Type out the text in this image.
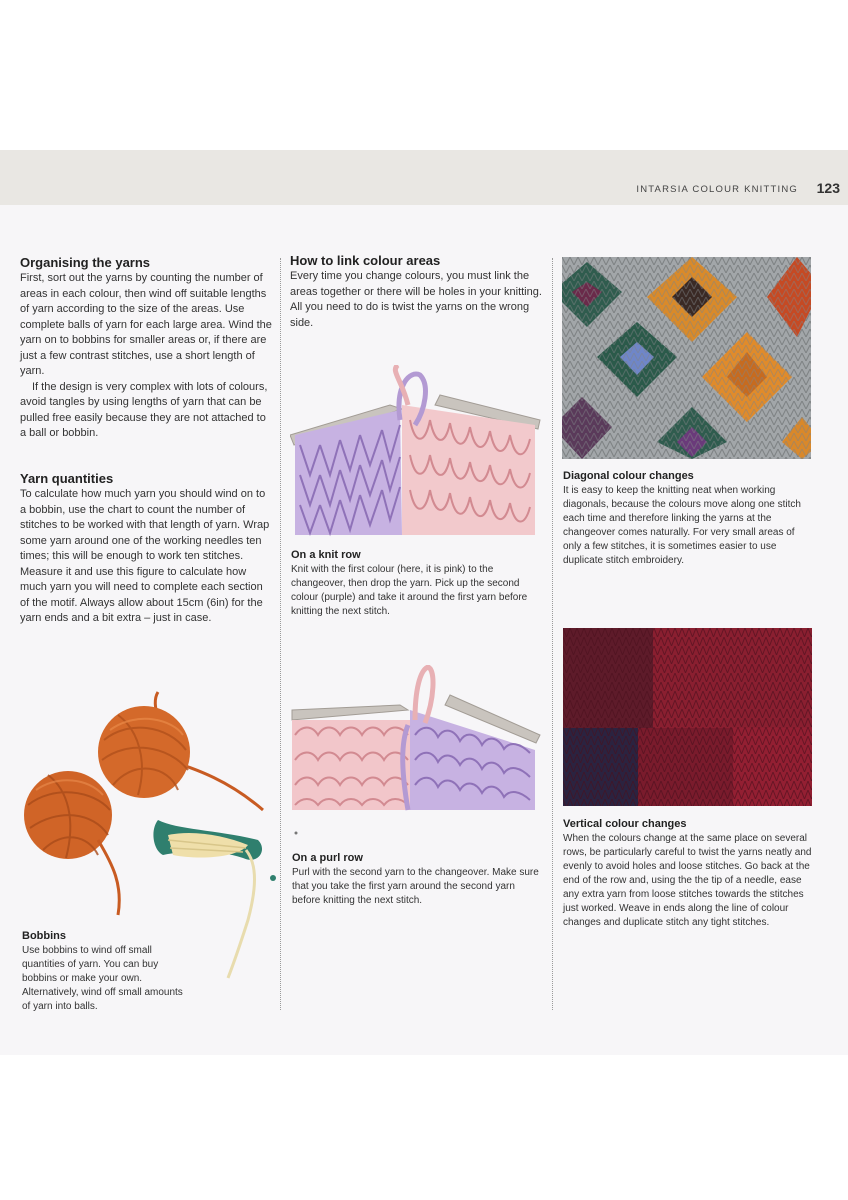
INTARSIA COLOUR KNITTING 123
Organising the yarns

First, sort out the yarns by counting the number of areas in each colour, then wind off suitable lengths of yarn according to the size of the areas. Use complete balls of yarn for each large area. Wind the yarn on to bobbins for smaller areas or, if there are just a few contrast stitches, use a short length of yarn.

If the design is very complex with lots of colours, avoid tangles by using lengths of yarn that can be pulled free easily because they are not attached to a ball or bobbin.

Yarn quantities

To calculate how much yarn you should wind on to a bobbin, use the chart to count the number of stitches to be worked with that length of yarn. Wrap some yarn around one of the working needles ten times; this will be enough to work ten stitches. Measure it and use this figure to calculate how much yarn you will need to complete each section of the motif. Always allow about 15cm (6in) for the yarn ends and a bit extra – just in case.

Bobbins
Use bobbins to wind off small quantities of yarn. You can buy bobbins or make your own. Alternatively, wind off small amounts of yarn into balls.
How to link colour areas

Every time you change colours, you must link the areas together or there will be holes in your knitting. All you need to do is twist the yarns on the wrong side.

On a knit row
Knit with the first colour (here, it is pink) to the changeover, then drop the yarn. Pick up the second colour (purple) and take it around the first yarn before knitting the next stitch.
On a purl row
Purl with the second yarn to the changeover. Make sure that you take the first yarn around the second yarn before knitting the next stitch.
Diagonal colour changes
It is easy to keep the knitting neat when working diagonals, because the colours move along one stitch each time and therefore linking the yarns at the changeover comes naturally. For very small areas of only a few stitches, it is sometimes easier to use duplicate stitch embroidery.
Vertical colour changes
When the colours change at the same place on several rows, be particularly careful to twist the yarns neatly and evenly to avoid holes and loose stitches. Go back at the end of the row and, using the the tip of a needle, ease any extra yarn from loose stitches towards the stitches just worked. Weave in ends along the line of colour changes and duplicate stitch any tight stitches.
